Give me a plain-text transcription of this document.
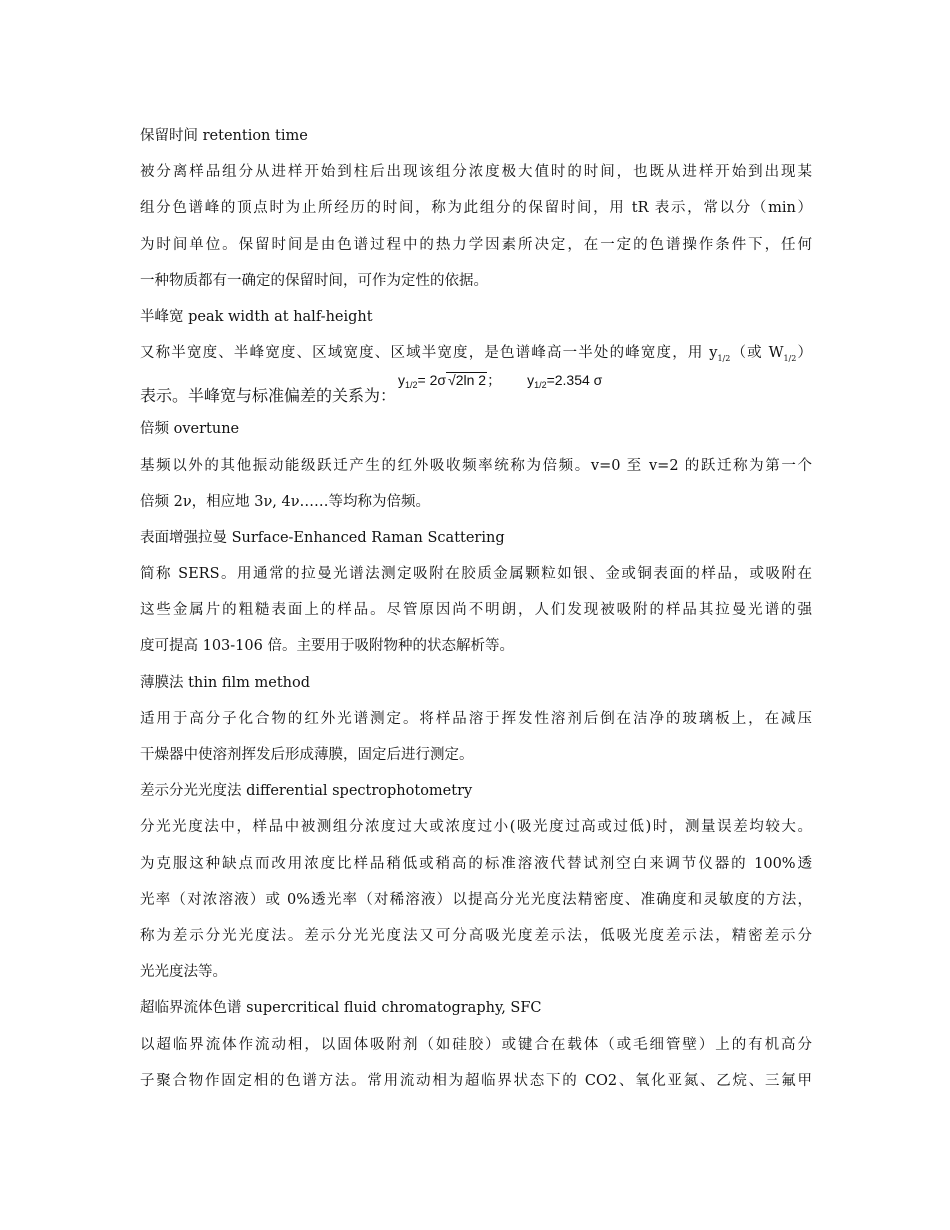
保留时间 retention time
被分离样品组分从进样开始到柱后出现该组分浓度极大值时的时间，也既从进样开始到出现某
组分色谱峰的顶点时为止所经历的时间，称为此组分的保留时间，用 tR 表示，常以分（min）
为时间单位。保留时间是由色谱过程中的热力学因素所决定，在一定的色谱操作条件下，任何
一种物质都有一确定的保留时间，可作为定性的依据。
半峰宽 peak width at half-height
又称半宽度、半峰宽度、区域宽度、区域半宽度，是色谱峰高一半处的峰宽度，用 $y_{1/2}$（或 $W_{1/2}$）
表示。半峰宽与标准偏差的关系为：
$y_{1/2}= 2\sigma$ √2ln 2； $y_{1/2}=2.354$ σ
倍频 overtune
基频以外的其他振动能级跃迁产生的红外吸收频率统称为倍频。v=0 至 v=2 的跃迁称为第一个
倍频 2ν，相应地 3ν, 4ν……等均称为倍频。
表面增强拉曼 Surface-Enhanced Raman Scattering
简称 SERS。用通常的拉曼光谱法测定吸附在胶质金属颗粒如银、金或铜表面的样品，或吸附在
这些金属片的粗糙表面上的样品。尽管原因尚不明朗，人们发现被吸附的样品其拉曼光谱的强
度可提高 103-106 倍。主要用于吸附物种的状态解析等。
薄膜法 thin film method
适用于高分子化合物的红外光谱测定。将样品溶于挥发性溶剂后倒在洁净的玻璃板上，在减压
干燥器中使溶剂挥发后形成薄膜，固定后进行测定。
差示分光光度法 differential spectrophotometry
分光光度法中，样品中被测组分浓度过大或浓度过小(吸光度过高或过低)时，测量误差均较大。
为克服这种缺点而改用浓度比样品稍低或稍高的标准溶液代替试剂空白来调节仪器的 100%透
光率（对浓溶液）或 0%透光率（对稀溶液）以提高分光光度法精密度、准确度和灵敏度的方法，
称为差示分光光度法。差示分光光度法又可分高吸光度差示法，低吸光度差示法，精密差示分
光光度法等。
超临界流体色谱 supercritical fluid chromatography, SFC
以超临界流体作流动相，以固体吸附剂（如硅胶）或键合在载体（或毛细管壁）上的有机高分
子聚合物作固定相的色谱方法。常用流动相为超临界状态下的 CO2、氧化亚氮、乙烷、三氟甲
